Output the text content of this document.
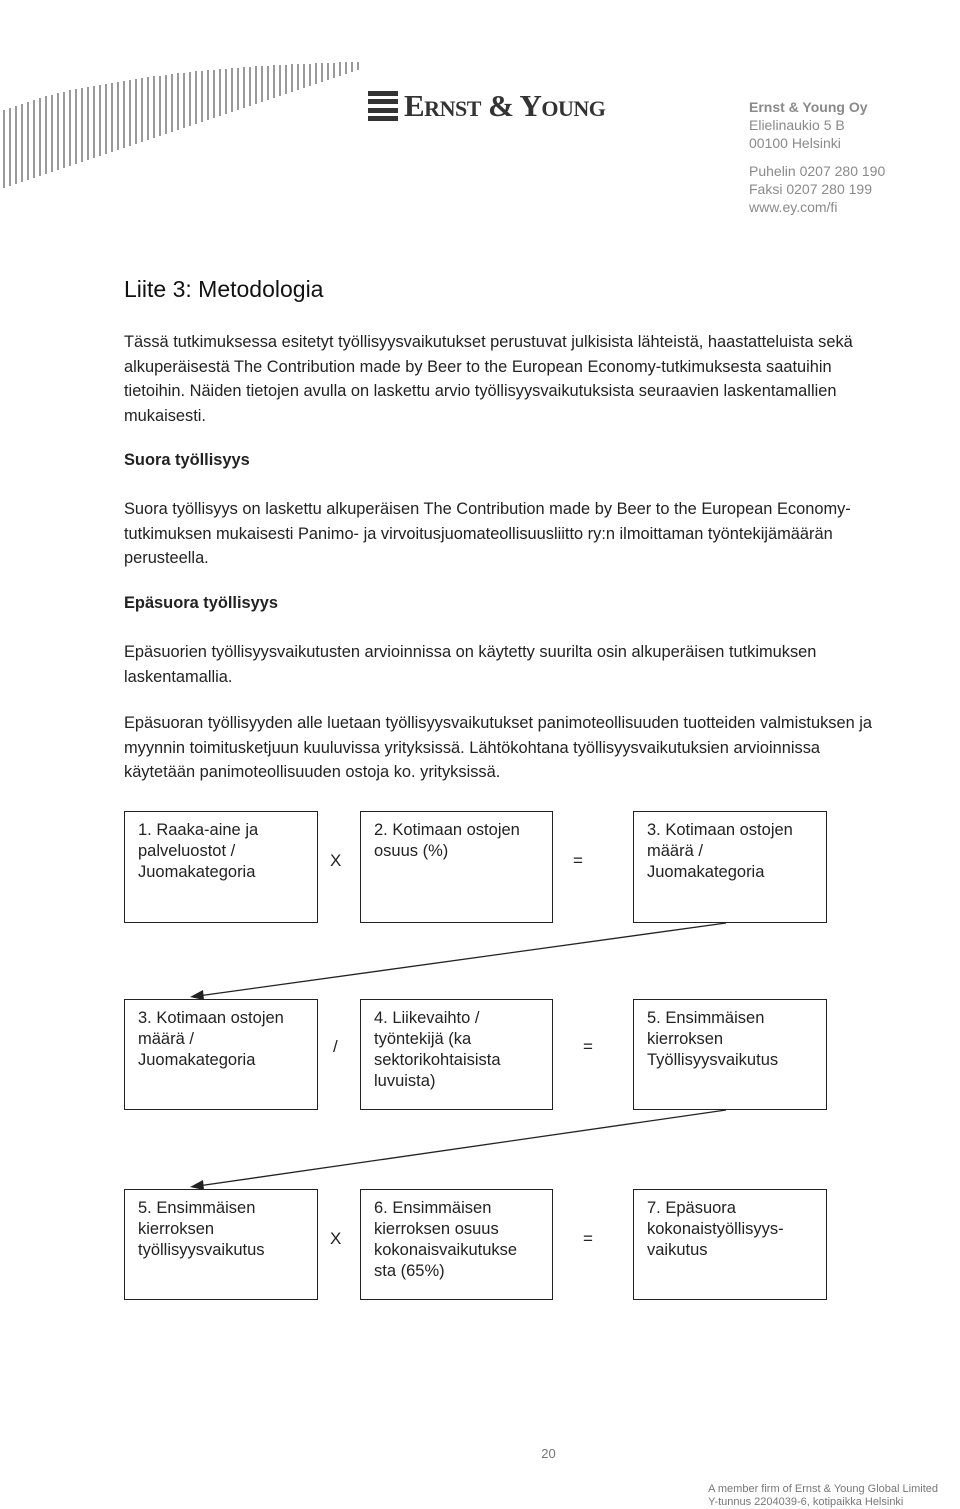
Ernst & Young	Ernst & Young Oy
Elielinaukio 5 B
00100 Helsinki
Puhelin 0207 280 190
Faksi 0207 280 199
www.ey.com/fi
Liite 3: Metodologia
Tässä tutkimuksessa esitetyt työllisyysvaikutukset perustuvat julkisista lähteistä, haastatteluista sekä
alkuperäisestä The Contribution made by Beer to the European Economy-tutkimuksesta saatuihin
tietoihin. Näiden tietojen avulla on laskettu arvio työllisyysvaikutuksista seuraavien laskentamallien
mukaisesti.
Suora työllisyys
Suora työllisyys on laskettu alkuperäisen The Contribution made by Beer to the European Economy-
tutkimuksen mukaisesti Panimo- ja virvoitusjuomateollisuusliitto ry:n ilmoittaman työntekijämäärän
perusteella.
Epäsuora työllisyys
Epäsuorien työllisyysvaikutusten arvioinnissa on käytetty suurilta osin alkuperäisen tutkimuksen
laskentamallia.
Epäsuoran työllisyyden alle luetaan työllisyysvaikutukset panimoteollisuuden tuotteiden valmistuksen ja
myynnin toimitusketjuun kuuluvissa yrityksissä. Lähtökohtana työllisyysvaikutuksien arvioinnissa
käytetään panimoteollisuuden ostoja ko. yrityksissä.
1. Raaka-aine ja
palveluostot /
Juomakategoria
X
2. Kotimaan ostojen
osuus (%)	=
3. Kotimaan ostojen
määrä /
Juomakategoria
3. Kotimaan ostojen
määrä /
Juomakategoria
/
4. Liikevaihto /
työntekijä (ka
sektorikohtaisista
luvuista)
=
5. Ensimmäisen
kierroksen
Työllisyysvaikutus
5. Ensimmäisen
kierroksen
työllisyysvaikutus
X
6. Ensimmäisen
kierroksen osuus
kokonaisvaikutukse
sta (65%)
=
7. Epäsuora
kokonaistyöllisyys-
vaikutus
20
A member firm of Ernst & Young Global Limited
Y-tunnus 2204039-6, kotipaikka Helsinki
